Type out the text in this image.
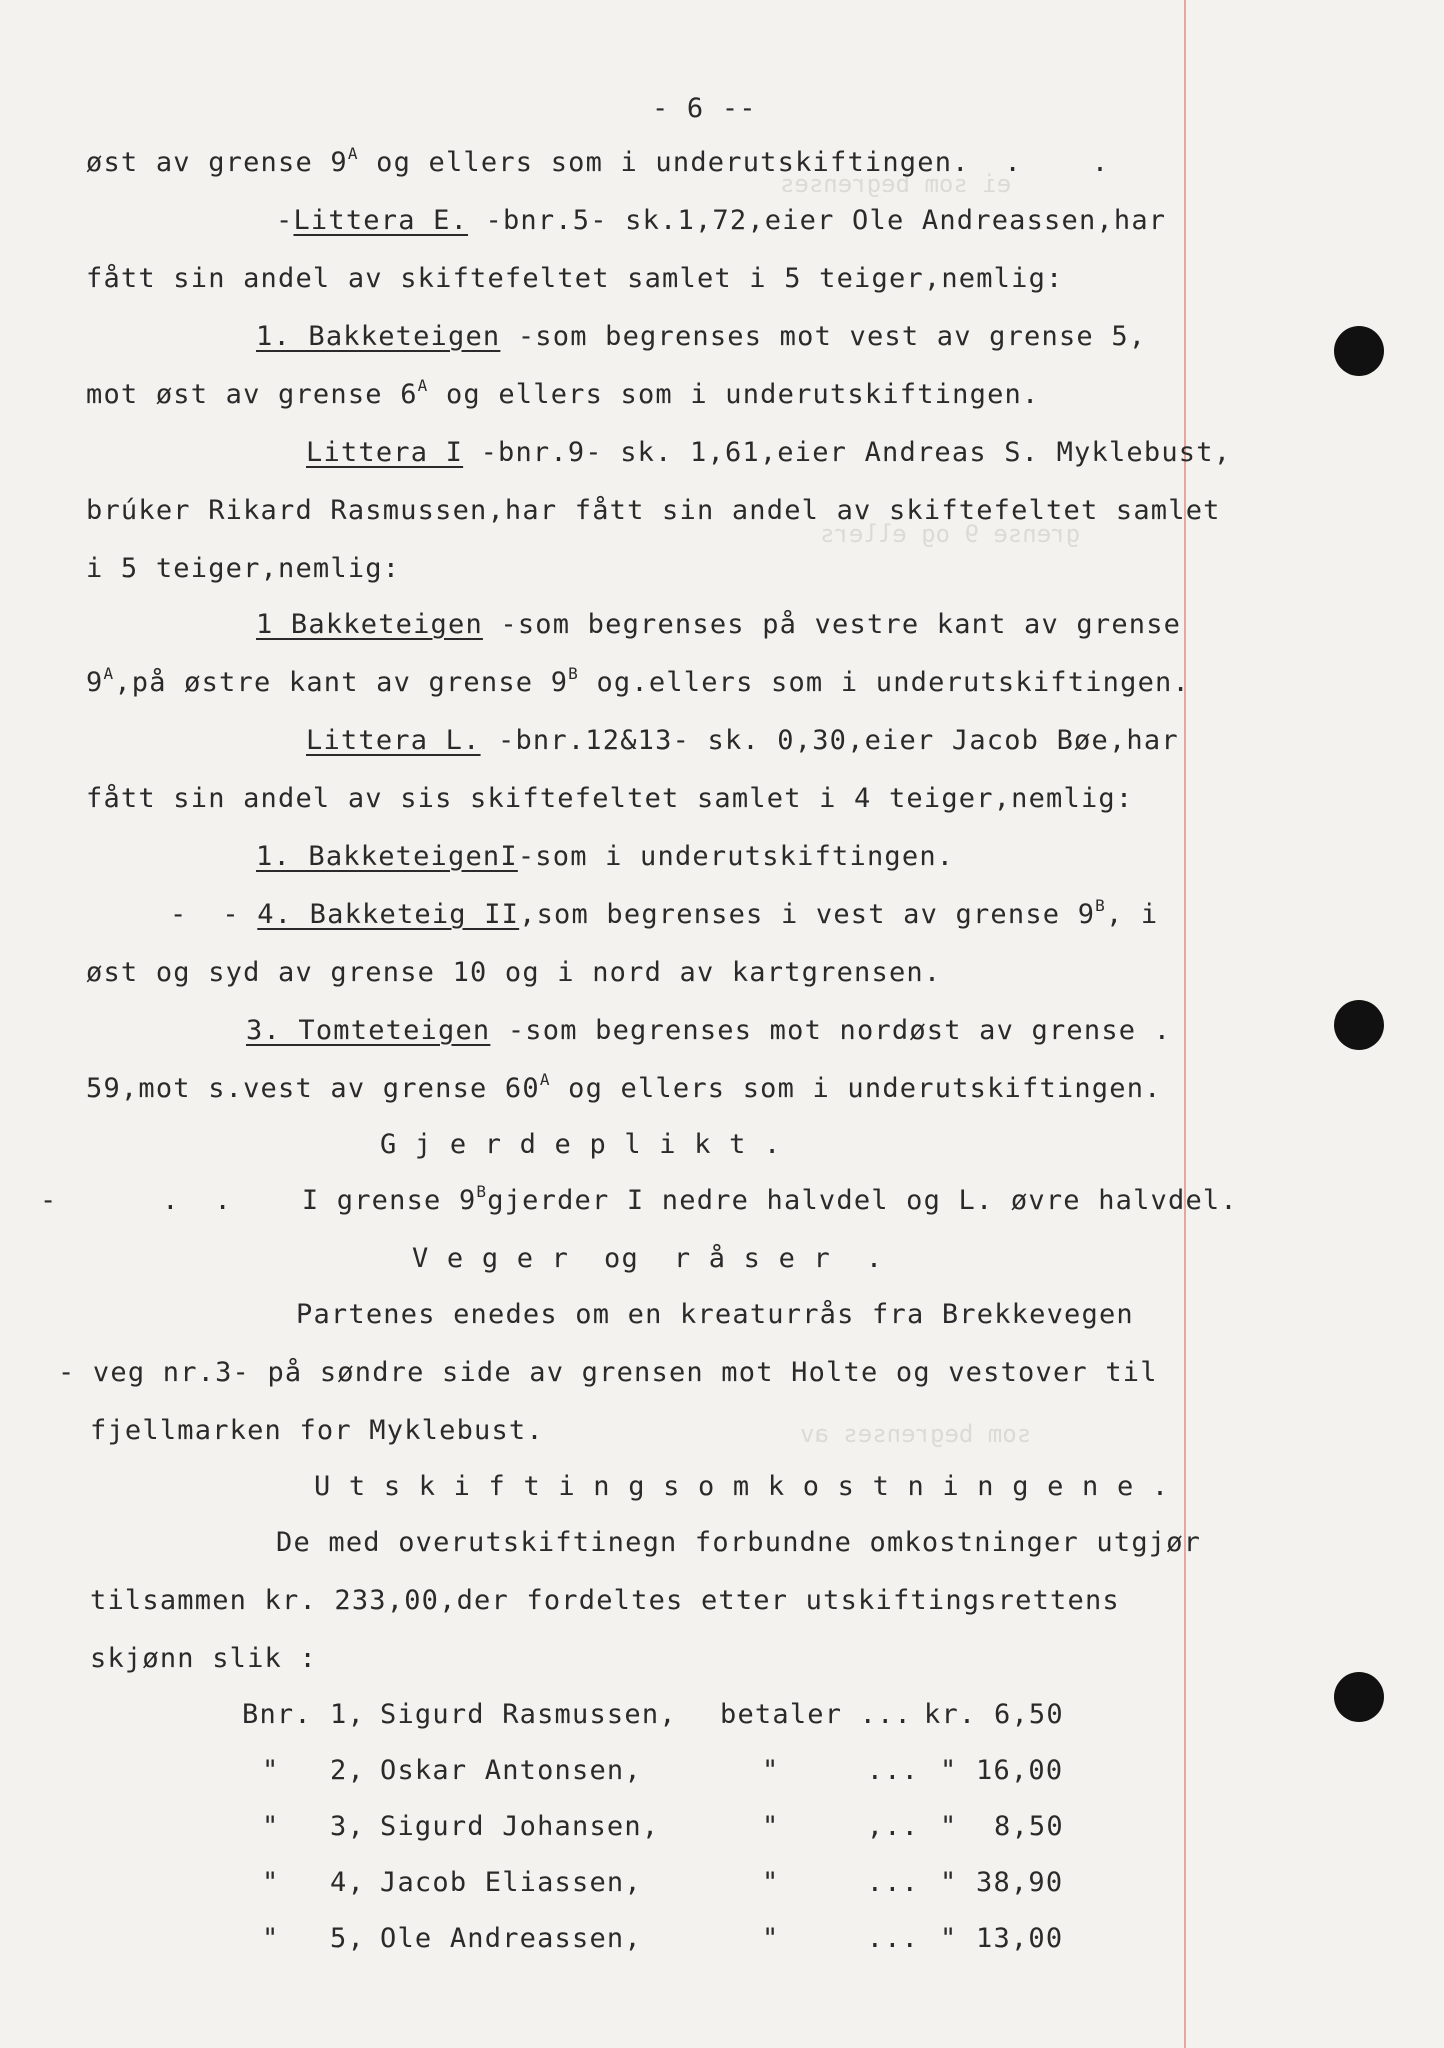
ei som begrenses
grense 9 og ellers
som begrenses av
- 6 --
øst av grense $9^A$ og ellers som i underutskiftingen.  .    .
-Littera E. -bnr.5- sk.1,72,eier Ole Andreassen,har
fått sin andel av skiftefeltet samlet i 5 teiger,nemlig:
1. Bakketeigen -som begrenses mot vest av grense 5,
mot øst av grense $6^A$ og ellers som i underutskiftingen.
Littera I -bnr.9- sk. 1,61,eier Andreas S. Myklebust,
brúker Rikard Rasmussen,har fått sin andel av skiftefeltet samlet
i 5 teiger,nemlig:
1 Bakketeigen -som begrenses på vestre kant av grense
$9^A,på$ østre kant av grense $9^B$ og.ellers som i underutskiftingen.
Littera L. -bnr.12&13- sk. 0,30,eier Jacob Bøe,har
fått sin andel av sis skiftefeltet samlet i 4 teiger,nemlig:
1. BakketeigenI-som i underutskiftingen.
-  - 4. Bakketeig II,som begrenses i vest av grense $9^B$, i
øst og syd av grense 10 og i nord av kartgrensen.
3. Tomteteigen -som begrenses mot nordøst av grense .
59,mot s.vest av grense $60^A$ og ellers som i underutskiftingen.
G j e r d e p l i k t .
-      .  .	I grense $9^Bgjerder$ I nedre halvdel og L. øvre halvdel.
V e g e r  og  r å s e r  .
Partenes enedes om en kreaturrås fra Brekkevegen
- veg nr.3- på søndre side av grensen mot Holte og vestover til
fjellmarken for Myklebust.
U t s k i f t i n g s o m k o s t n i n g e n e .
De med overutskiftinegn forbundne omkostninger utgjør
tilsammen kr. 233,00,der fordeltes etter utskiftingsrettens
skjønn slik :
Bnr. 1, Sigurd Rasmussen, betaler ... kr. 6,50
" 2, Oskar Antonsen,	"     ... " 16,00
" 3, Sigurd Johansen,	"     ,.. " 8,50
" 4, Jacob Eliassen,	"     ... " 38,90
" 5, Ole Andreassen,	"     ... " 13,00
